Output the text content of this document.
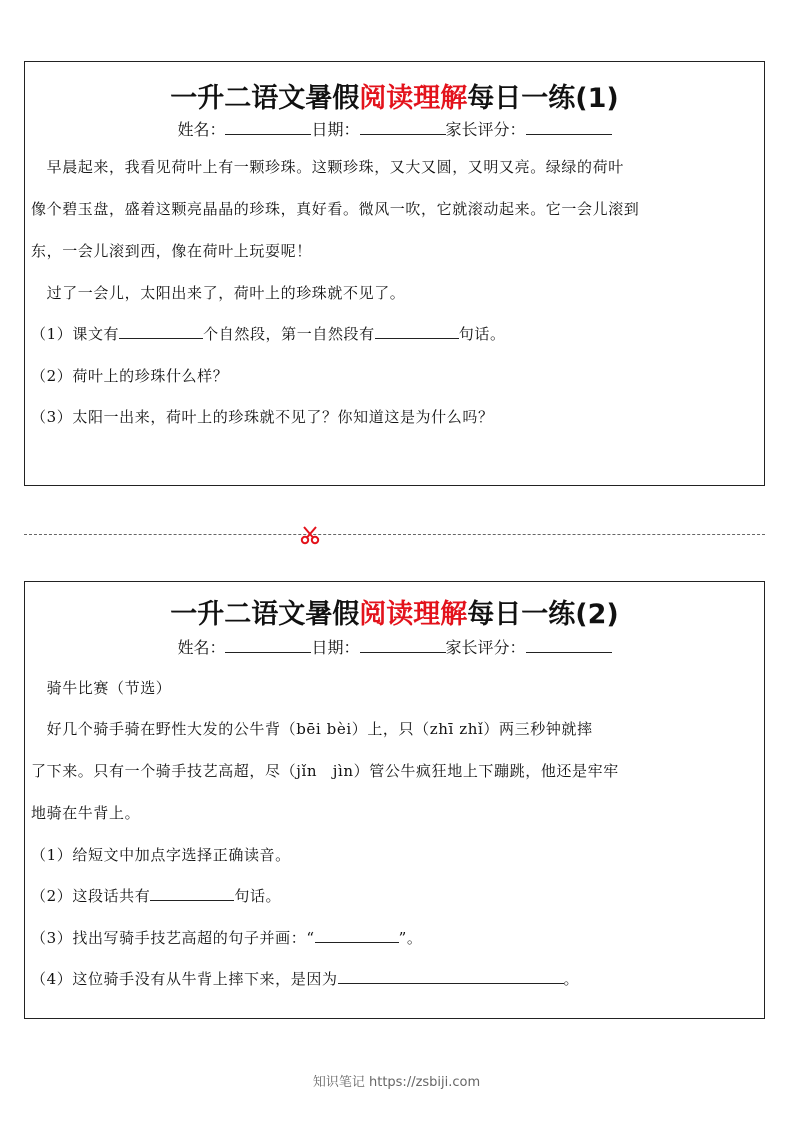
一升二语文暑假阅读理解每日一练(1)
姓名：	日期：	家长评分：
　早晨起来，我看见荷叶上有一颗珍珠。这颗珍珠，又大又圆，又明又亮。绿绿的荷叶
像个碧玉盘，盛着这颗亮晶晶的珍珠，真好看。微风一吹，它就滚动起来。它一会儿滚到
东，一会儿滚到西，像在荷叶上玩耍呢！
　过了一会儿，太阳出来了，荷叶上的珍珠就不见了。
（1）课文有	个自然段，第一自然段有	句话。
（2）荷叶上的珍珠什么样？
（3）太阳一出来，荷叶上的珍珠就不见了？你知道这是为什么吗？
一升二语文暑假阅读理解每日一练(2)
姓名：	日期：	家长评分：
　骑牛比赛（节选）
　好几个骑手骑在野性大发的公牛背（bēi bèi）上，只（zhī zhǐ）两三秒钟就摔
了下来。只有一个骑手技艺高超，尽（jǐn　jìn）管公牛疯狂地上下蹦跳，他还是牢牢
地骑在牛背上。
（1）给短文中加点字选择正确读音。
（2）这段话共有	句话。
（3）找出写骑手技艺高超的句子并画：“	”。
（4）这位骑手没有从牛背上摔下来，是因为	。
知识笔记 https://zsbiji.com
